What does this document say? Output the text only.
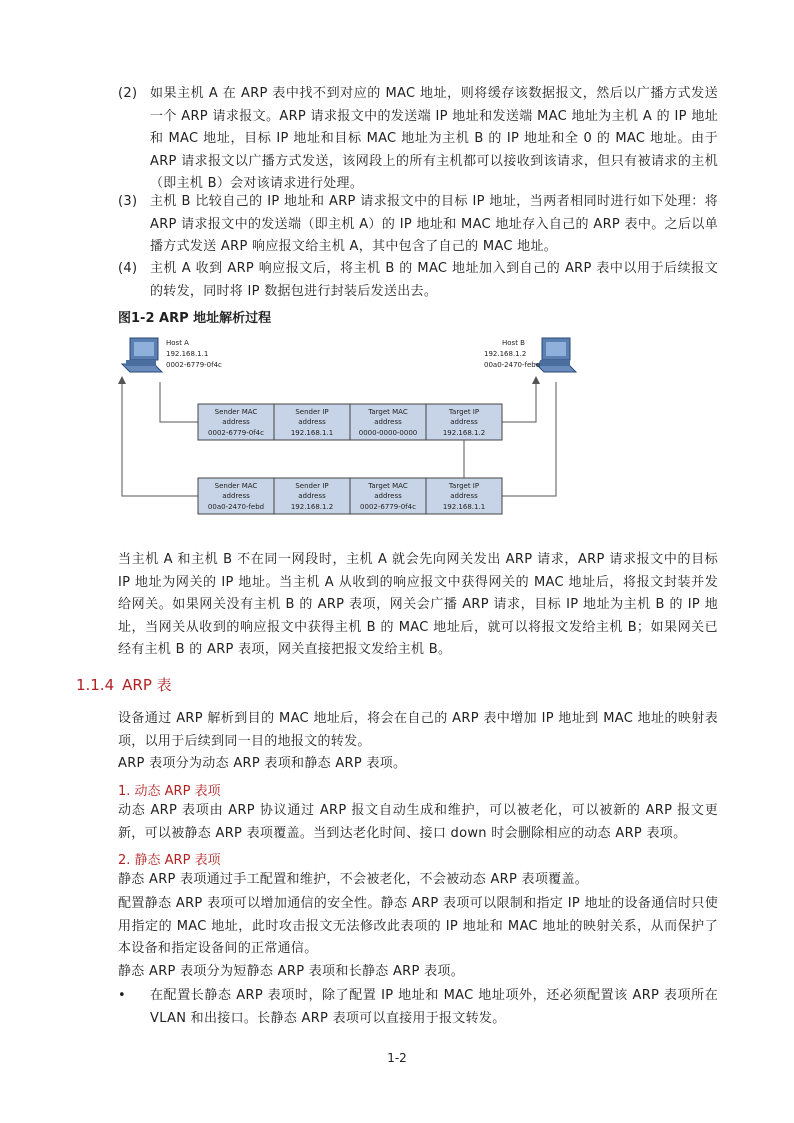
(2) 如果主机 A 在 ARP 表中找不到对应的 MAC 地址，则将缓存该数据报文，然后以广播方式发送一个 ARP 请求报文。ARP 请求报文中的发送端 IP 地址和发送端 MAC 地址为主机 A 的 IP 地址和 MAC 地址，目标 IP 地址和目标 MAC 地址为主机 B 的 IP 地址和全 0 的 MAC 地址。由于 ARP 请求报文以广播方式发送，该网段上的所有主机都可以接收到该请求，但只有被请求的主机（即主机 B）会对该请求进行处理。
(3) 主机 B 比较自己的 IP 地址和 ARP 请求报文中的目标 IP 地址，当两者相同时进行如下处理：将 ARP 请求报文中的发送端（即主机 A）的 IP 地址和 MAC 地址存入自己的 ARP 表中。之后以单播方式发送 ARP 响应报文给主机 A，其中包含了自己的 MAC 地址。
(4) 主机 A 收到 ARP 响应报文后，将主机 B 的 MAC 地址加入到自己的 ARP 表中以用于后续报文的转发，同时将 IP 数据包进行封装后发送出去。
图1-2 ARP 地址解析过程
Host A
192.168.1.1
0002-6779-0f4c
Host B
192.168.1.2
00a0-2470-febd
Sender MAC
address
0002-6779-0f4c
Sender IP
address
192.168.1.1
Target MAC
address
0000-0000-0000
Target IP
address
192.168.1.2
Sender MAC
address
00a0-2470-febd
Sender IP
address
192.168.1.2
Target MAC
address
0002-6779-0f4c
Target IP
address
192.168.1.1
当主机 A 和主机 B 不在同一网段时，主机 A 就会先向网关发出 ARP 请求，ARP 请求报文中的目标 IP 地址为网关的 IP 地址。当主机 A 从收到的响应报文中获得网关的 MAC 地址后，将报文封装并发给网关。如果网关没有主机 B 的 ARP 表项，网关会广播 ARP 请求，目标 IP 地址为主机 B 的 IP 地址，当网关从收到的响应报文中获得主机 B 的 MAC 地址后，就可以将报文发给主机 B；如果网关已经有主机 B 的 ARP 表项，网关直接把报文发给主机 B。
1.1.4 ARP 表
设备通过 ARP 解析到目的 MAC 地址后，将会在自己的 ARP 表中增加 IP 地址到 MAC 地址的映射表项，以用于后续到同一目的地报文的转发。
ARP 表项分为动态 ARP 表项和静态 ARP 表项。
1. 动态 ARP 表项
动态 ARP 表项由 ARP 协议通过 ARP 报文自动生成和维护，可以被老化，可以被新的 ARP 报文更新，可以被静态 ARP 表项覆盖。当到达老化时间、接口 down 时会删除相应的动态 ARP 表项。
2. 静态 ARP 表项
静态 ARP 表项通过手工配置和维护，不会被老化，不会被动态 ARP 表项覆盖。
配置静态 ARP 表项可以增加通信的安全性。静态 ARP 表项可以限制和指定 IP 地址的设备通信时只使用指定的 MAC 地址，此时攻击报文无法修改此表项的 IP 地址和 MAC 地址的映射关系，从而保护了本设备和指定设备间的正常通信。
静态 ARP 表项分为短静态 ARP 表项和长静态 ARP 表项。
• 在配置长静态 ARP 表项时，除了配置 IP 地址和 MAC 地址项外，还必须配置该 ARP 表项所在 VLAN 和出接口。长静态 ARP 表项可以直接用于报文转发。
1-2
